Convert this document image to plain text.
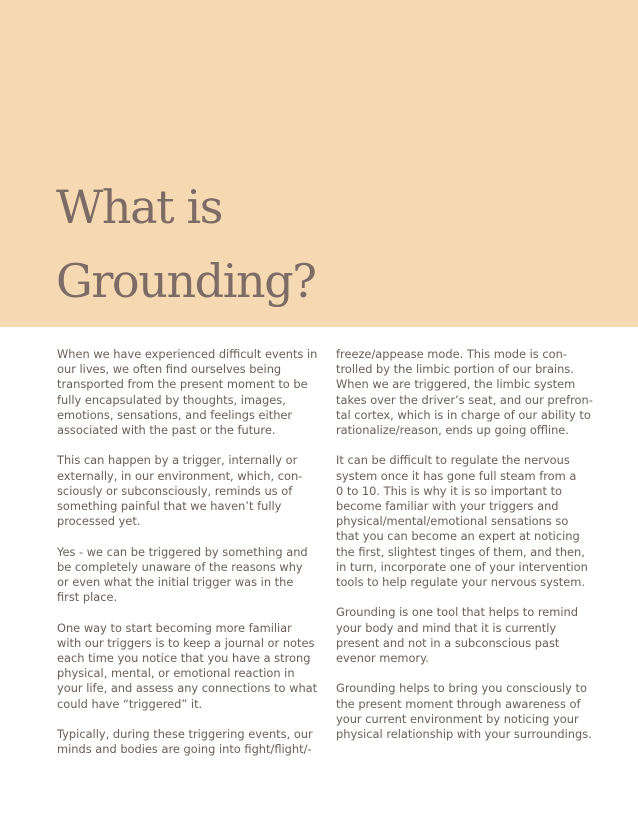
What is
Grounding?

When we have experienced difficult events in
our lives, we often find ourselves being
transported from the present moment to be
fully encapsulated by thoughts, images,
emotions, sensations, and feelings either
associated with the past or the future.

This can happen by a trigger, internally or
externally, in our environment, which, con-
sciously or subconsciously, reminds us of
something painful that we haven’t fully
processed yet.

Yes - we can be triggered by something and
be completely unaware of the reasons why
or even what the initial trigger was in the
first place.

One way to start becoming more familiar
with our triggers is to keep a journal or notes
each time you notice that you have a strong
physical, mental, or emotional reaction in
your life, and assess any connections to what
could have “triggered” it.

Typically, during these triggering events, our
minds and bodies are going into fight/flight/-

freeze/appease mode. This mode is con-
trolled by the limbic portion of our brains.
When we are triggered, the limbic system
takes over the driver’s seat, and our prefron-
tal cortex, which is in charge of our ability to
rationalize/reason, ends up going offline.

It can be difficult to regulate the nervous
system once it has gone full steam from a
0 to 10. This is why it is so important to
become familiar with your triggers and
physical/mental/emotional sensations so
that you can become an expert at noticing
the first, slightest tinges of them, and then,
in turn, incorporate one of your intervention
tools to help regulate your nervous system.

Grounding is one tool that helps to remind
your body and mind that it is currently
present and not in a subconscious past
evenor memory.

Grounding helps to bring you consciously to
the present moment through awareness of
your current environment by noticing your
physical relationship with your surroundings.
